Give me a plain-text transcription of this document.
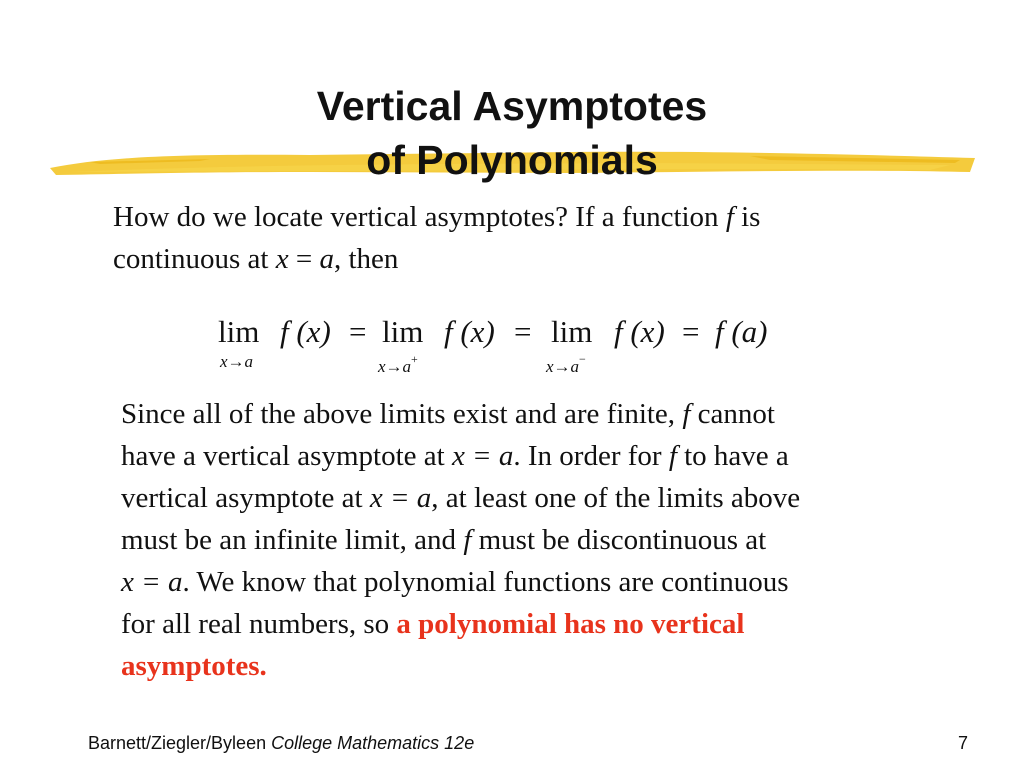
Vertical Asymptotes
of Polynomials
How do we locate vertical asymptotes? If a function f is
continuous at x = a, then
lim
x→a
f (x) = lim
x→a+
f (x) = lim
x→a−
f (x) = f (a)
Since all of the above limits exist and are finite, f cannot
have a vertical asymptote at x = a. In order for f to have a
vertical asymptote at x = a, at least one of the limits above
must be an infinite limit, and f must be discontinuous at
x = a. We know that polynomial functions are continuous
for all real numbers, so a polynomial has no vertical
asymptotes.
Barnett/Ziegler/Byleen College Mathematics 12e	7
